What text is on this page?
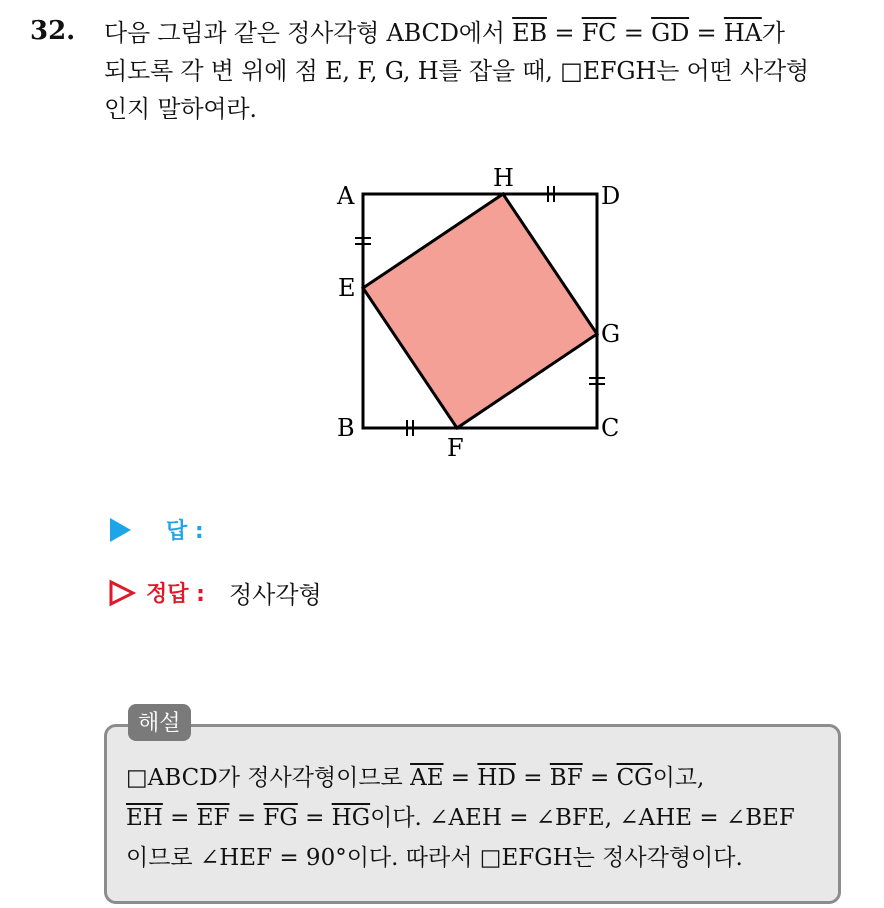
32. 다음 그림과 같은 정사각형 ABCD에서 $\overline{EB} = \overline{FC} = \overline{GD} = \overline{HA}$가
되도록 각 변 위에 점 E, F, G, H를 잡을 때, □EFGH는 어떤 사각형
인지 말하여라.
A
H
D
E
G
B	C
F
답 :
정답 : 정사각형
해설
□ABCD가 정사각형이므로 $\overline{AE} = \overline{HD} = \overline{BF} = \overline{CG}$이고,
$\overline{EH} = \overline{EF} = \overline{FG} = \overline{HG}$이다. ∠AEH = ∠BFE, ∠AHE = ∠BEF
이므로 ∠HEF = 90°이다. 따라서 □EFGH는 정사각형이다.
